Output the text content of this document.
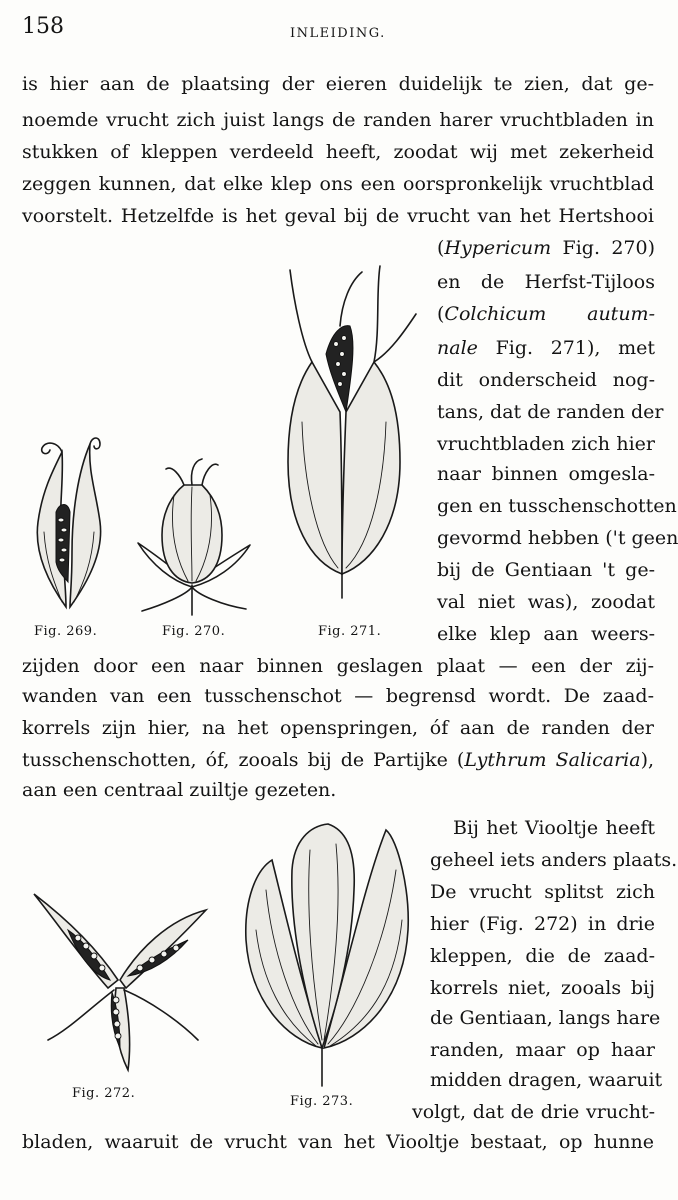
158	INLEIDING.
is hier aan de plaatsing der eieren duidelijk te zien, dat ge-
noemde vrucht zich juist langs de randen harer vruchtbladen in
stukken of kleppen verdeeld heeft, zoodat wij met zekerheid
zeggen kunnen, dat elke klep ons een oorspronkelijk vruchtblad
voorstelt. Hetzelfde is het geval bij de vrucht van het Hertshooi
(Hypericum Fig. 270)
en de Herfst-Tijloos
(Colchicum autum-
nale Fig. 271), met
dit onderscheid nog-
tans, dat de randen der
vruchtbladen zich hier
naar binnen omgesla-
gen en tusschenschotten
gevormd hebben ('t geen
bij de Gentiaan 't ge-
val niet was), zoodat
elke klep aan weers-
zijden door een naar binnen geslagen plaat — een der zij-
wanden van een tusschenschot — begrensd wordt. De zaad-
korrels zijn hier, na het openspringen, óf aan de randen der
tusschenschotten, óf, zooals bij de Partijke (Lythrum Salicaria),
aan een centraal zuiltje gezeten.
Bij het Viooltje heeft
geheel iets anders plaats.
De vrucht splitst zich
hier (Fig. 272) in drie
kleppen, die de zaad-
korrels niet, zooals bij
de Gentiaan, langs hare
randen, maar op haar
midden dragen, waaruit
volgt, dat de drie vrucht-
bladen, waaruit de vrucht van het Viooltje bestaat, op hunne
Fig. 269.	Fig. 270.	Fig. 271.
Fig. 272.
Fig. 273.
